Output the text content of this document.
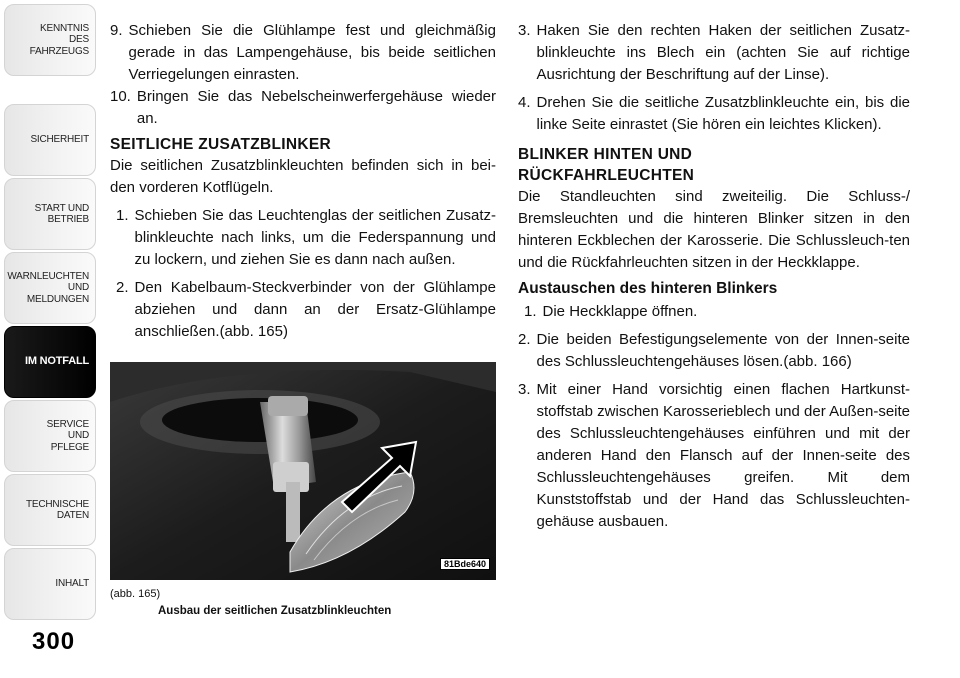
KENNTNIS
DES
FAHRZEUGS
SICHERHEIT
START UND
BETRIEB
WARNLEUCHTEN
UND
MELDUNGEN
IM NOTFALL
SERVICE
UND
PFLEGE
TECHNISCHE
DATEN
INHALT
300
9. Schieben Sie die Glühlampe fest und gleichmäßig gerade in das Lampengehäuse, bis beide seitlichen Verriegelungen einrasten.
10. Bringen Sie das Nebelscheinwerfergehäuse wieder an.
SEITLICHE ZUSATZBLINKER

Die seitlichen Zusatzblinkleuchten befinden sich in bei-den vorderen Kotflügeln.

1. Schieben Sie das Leuchtenglas der seitlichen Zusatz-blinkleuchte nach links, um die Federspannung und zu lockern, und ziehen Sie es dann nach außen.
2. Den Kabelbaum-Steckverbinder von der Glühlampe abziehen und dann an der Ersatz-Glühlampe anschließen.(abb. 165)
81Bde640
(abb. 165)
Ausbau der seitlichen Zusatzblinkleuchten
3. Haken Sie den rechten Haken der seitlichen Zusatz-blinkleuchte ins Blech ein (achten Sie auf richtige Ausrichtung der Beschriftung auf der Linse).
4. Drehen Sie die seitliche Zusatzblinkleuchte ein, bis die linke Seite einrastet (Sie hören ein leichtes Klicken).
BLINKER HINTEN UND
RÜCKFAHRLEUCHTEN

Die Standleuchten sind zweiteilig. Die Schluss-/ Bremsleuchten und die hinteren Blinker sitzen in den hinteren Eckblechen der Karosserie. Die Schlussleuch-ten und die Rückfahrleuchten sitzen in der Heckklappe.

Austauschen des hinteren Blinkers
1. Die Heckklappe öffnen.
2. Die beiden Befestigungselemente von der Innen-seite des Schlussleuchtengehäuses lösen.(abb. 166)
3. Mit einer Hand vorsichtig einen flachen Hartkunst-stoffstab zwischen Karosserieblech und der Außen-seite des Schlussleuchtengehäuses einführen und mit der anderen Hand den Flansch auf der Innen-seite des Schlussleuchtengehäuses greifen. Mit dem Kunststoffstab und der Hand das Schlussleuchten-gehäuse ausbauen.
